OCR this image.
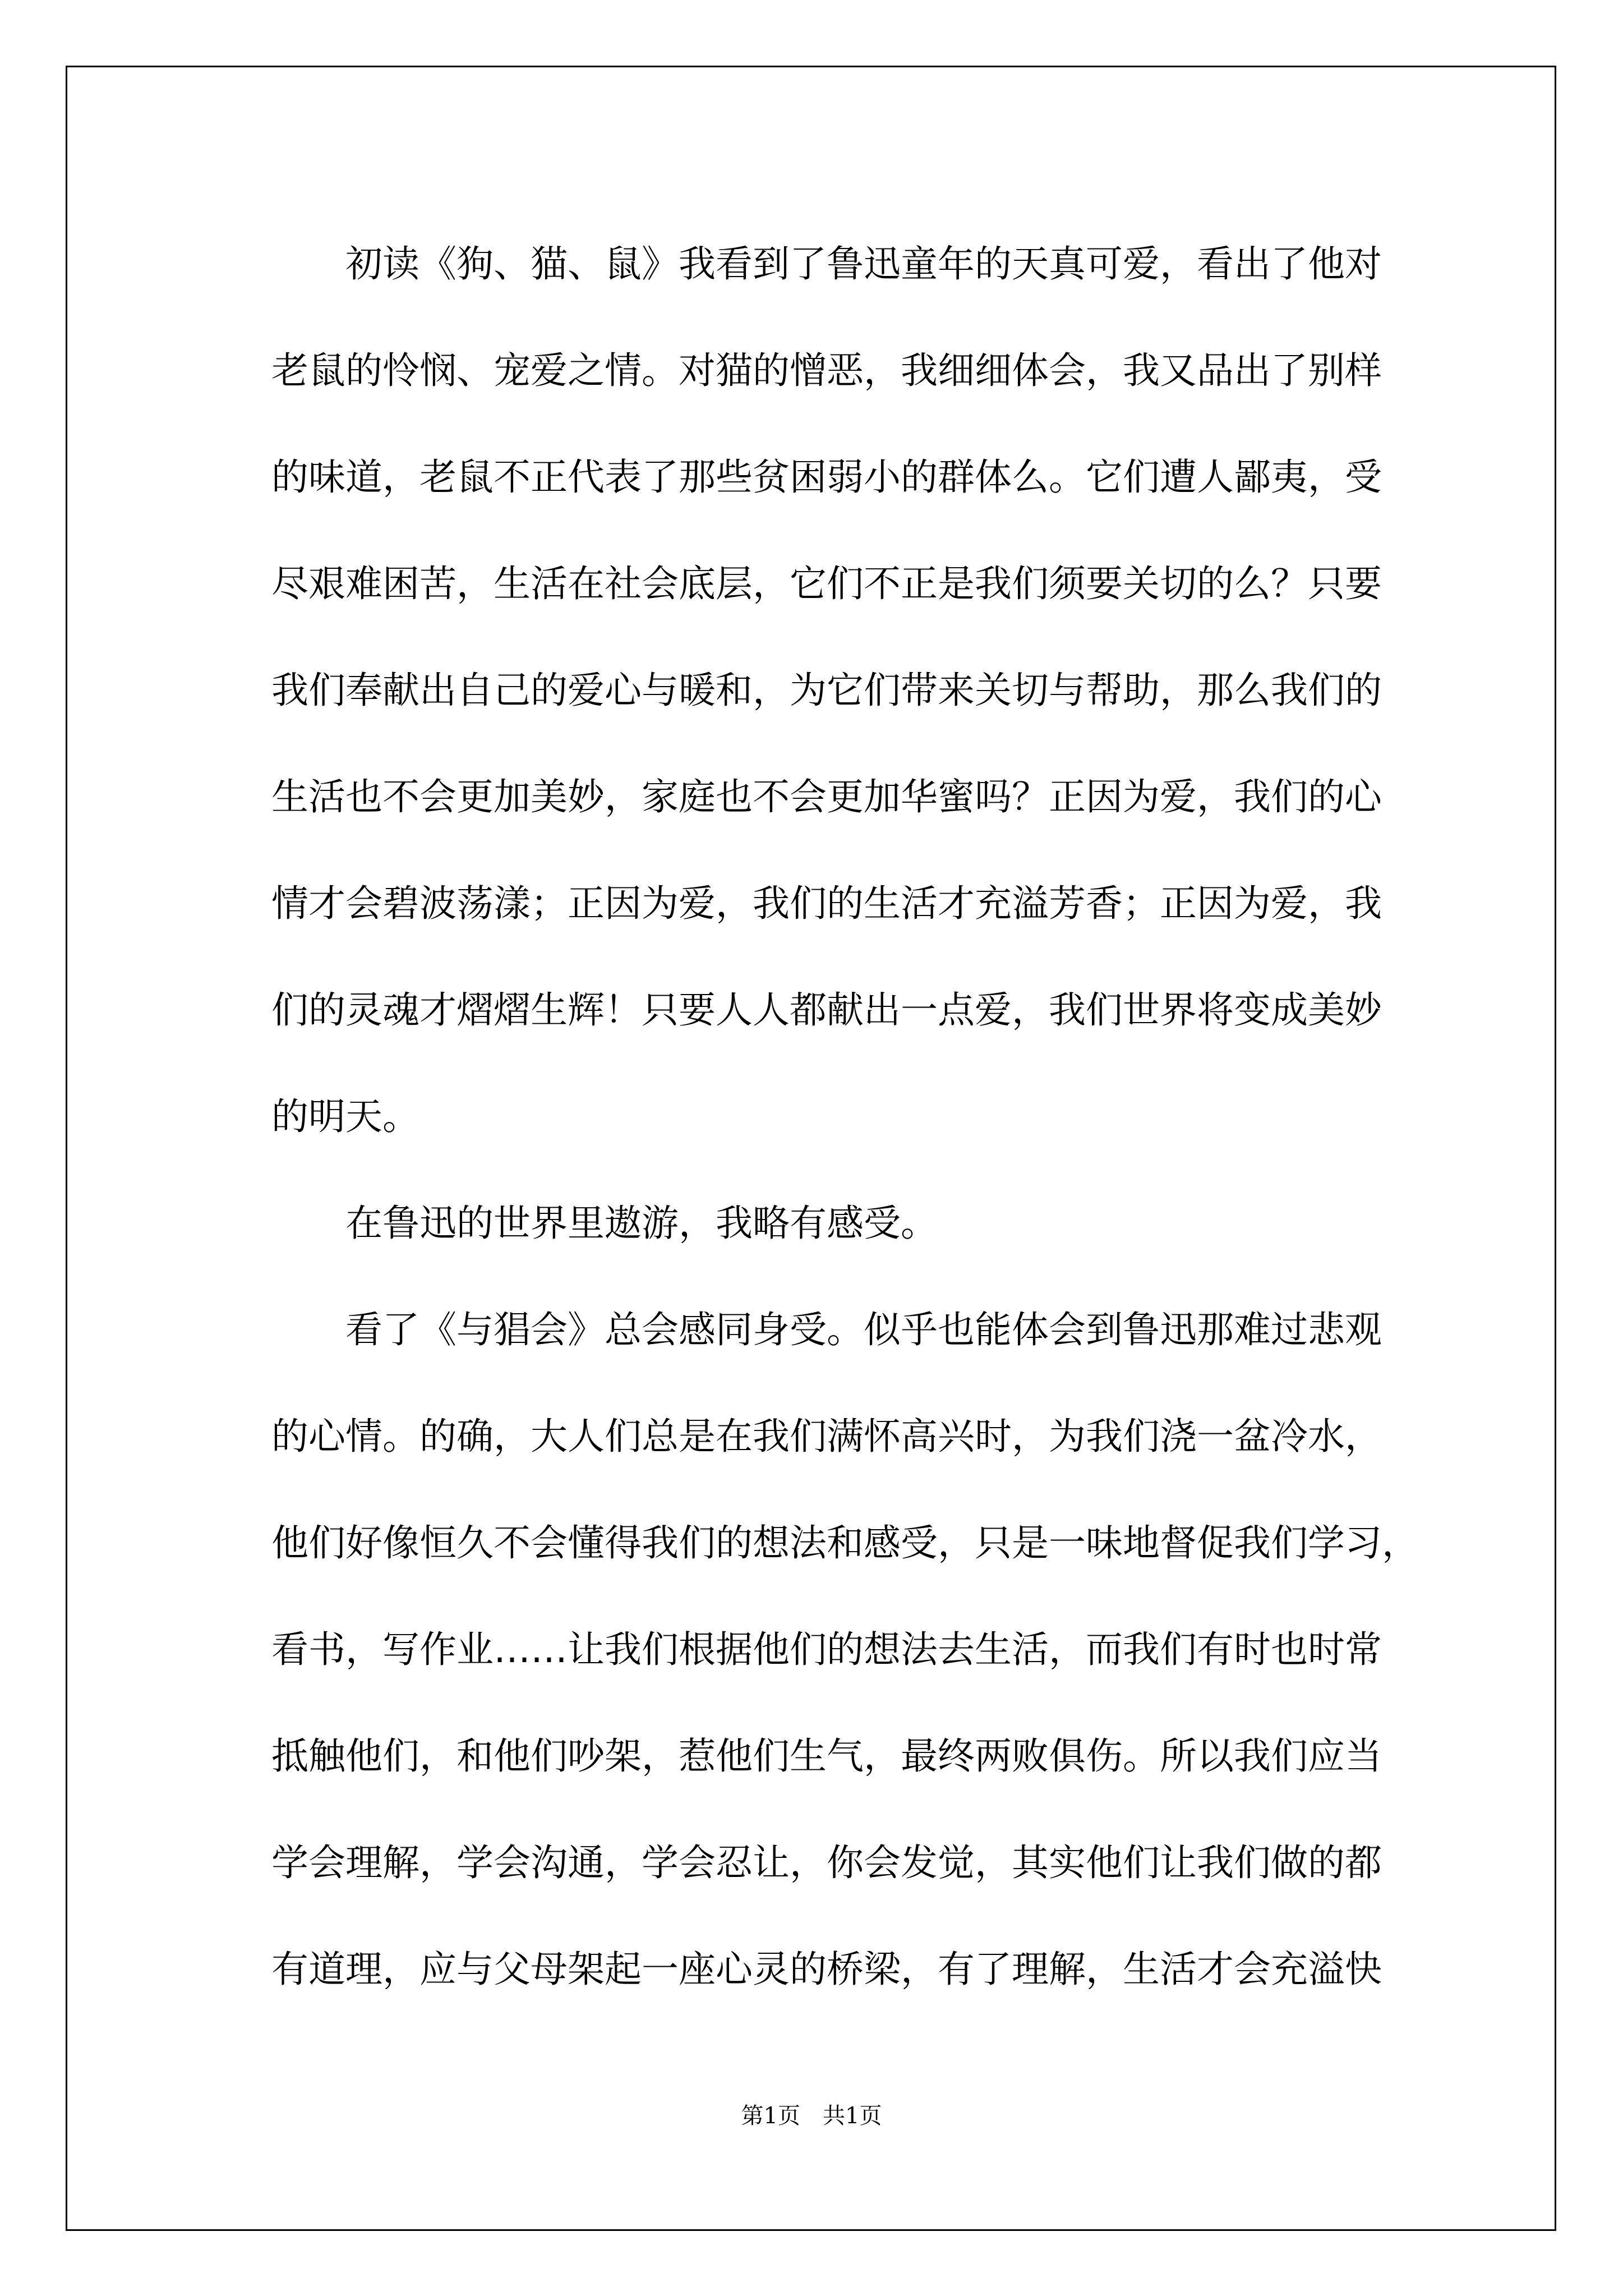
初读《狗、猫、鼠》我看到了鲁迅童年的天真可爱，看出了他对
老鼠的怜悯、宠爱之情。对猫的憎恶，我细细体会，我又品出了别样
的味道，老鼠不正代表了那些贫困弱小的群体么。它们遭人鄙夷，受
尽艰难困苦，生活在社会底层，它们不正是我们须要关切的么？只要
我们奉献出自己的爱心与暖和，为它们带来关切与帮助，那么我们的
生活也不会更加美妙，家庭也不会更加华蜜吗？正因为爱，我们的心
情才会碧波荡漾；正因为爱，我们的生活才充溢芳香；正因为爱，我
们的灵魂才熠熠生辉！只要人人都献出一点爱，我们世界将变成美妙
的明天。
在鲁迅的世界里遨游，我略有感受。
看了《与猖会》总会感同身受。似乎也能体会到鲁迅那难过悲观
的心情。的确，大人们总是在我们满怀高兴时，为我们浇一盆冷水，
他们好像恒久不会懂得我们的想法和感受，只是一味地督促我们学习，
看书，写作业……让我们根据他们的想法去生活，而我们有时也时常
抵触他们，和他们吵架，惹他们生气，最终两败俱伤。所以我们应当
学会理解，学会沟通，学会忍让，你会发觉，其实他们让我们做的都
有道理，应与父母架起一座心灵的桥梁，有了理解，生活才会充溢快
第1页　共1页
